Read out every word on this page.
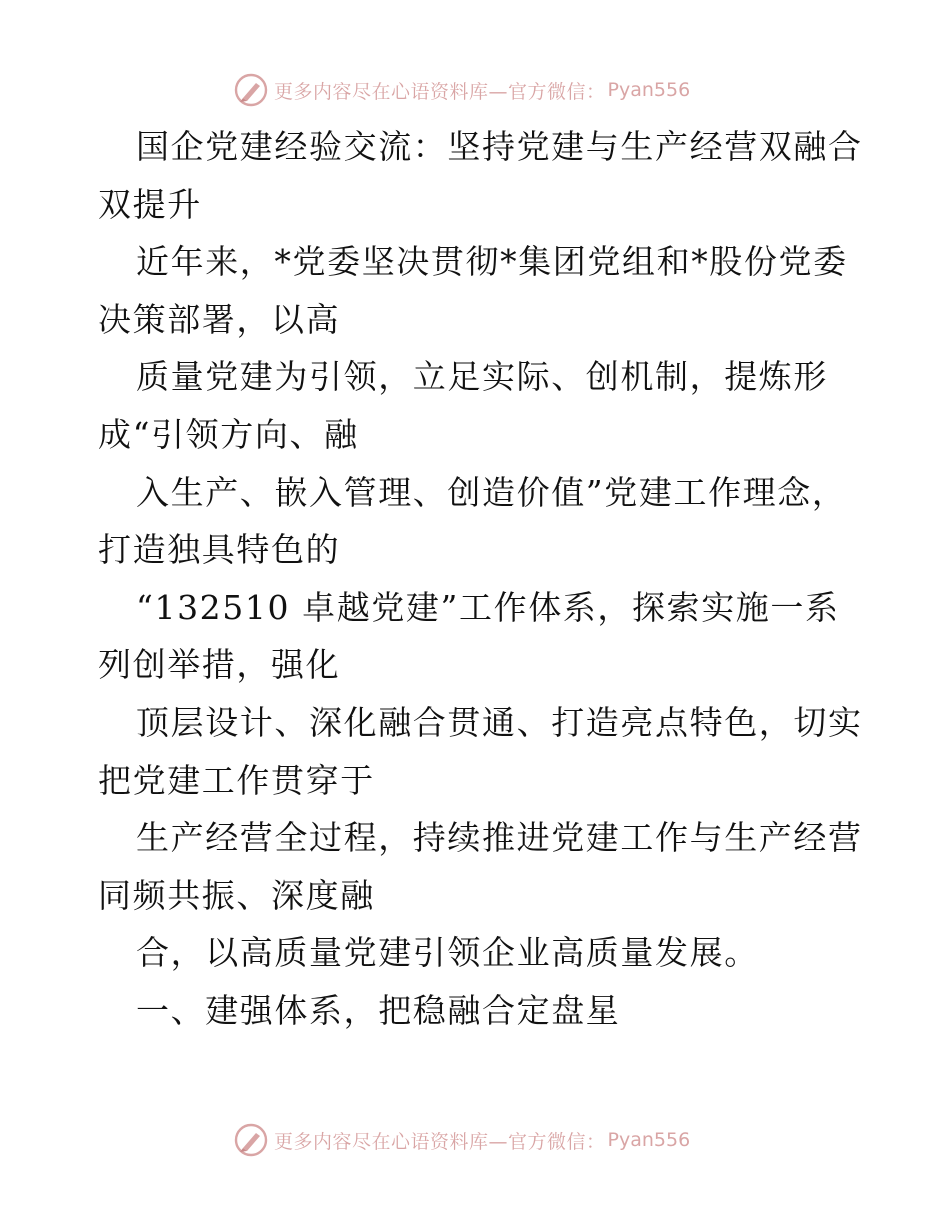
更多内容尽在心语资料库—官方微信： Pyan556
国企党建经验交流：坚持党建与生产经营双融合
双提升
近年来，*党委坚决贯彻*集团党组和*股份党委
决策部署，以高
质量党建为引领，立足实际、创机制，提炼形
成“引领方向、融
入生产、嵌入管理、创造价值”党建工作理念，
打造独具特色的
“132510 卓越党建”工作体系，探索实施一系
列创举措，强化
顶层设计、深化融合贯通、打造亮点特色，切实
把党建工作贯穿于
生产经营全过程，持续推进党建工作与生产经营
同频共振、深度融
合，以高质量党建引领企业高质量发展。
一、建强体系，把稳融合定盘星
更多内容尽在心语资料库—官方微信： Pyan556
